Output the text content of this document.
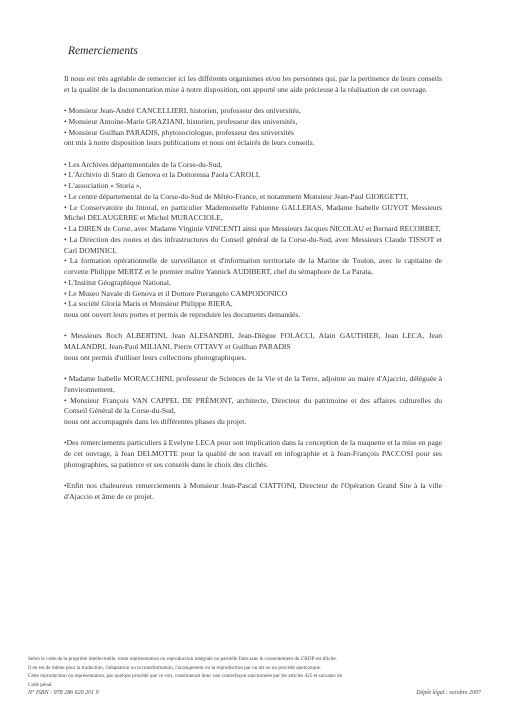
Remerciements

Il nous est très agréable de remercier ici les différents organismes et/ou les personnes qui, par la pertinence de leurs conseils et la qualité de la documentation mise à notre disposition, ont apporté une aide précieuse à la réalisation de cet ouvrage.

• Monsieur Jean-André CANCELLIERI, historien, professeur des universités,
• Monsieur Antoine-Marie GRAZIANI, historien, professeur des universités,
• Monsieur Guilhan PARADIS, phytosociologue, professeur des universités
ont mis à notre disposition leurs publications et nous ont éclairés de leurs conseils.
• Les Archives départementales de la Corse-du-Sud,
• L'Archivio di Stato di Genova et la Dottoressa Paola CAROLI,
• L'association « Storia »,
• Le centre départemental de la Corse-du-Sud de Météo-France, et notamment Monsieur Jean-Paul GIORGETTI,
• Le Conservatoire du littoral, en particulier Mademoiselle Fabienne GALLERAS, Madame Isabelle GUYOT Messieurs Michel DELAUGERRE et Michel MURACCIOLE,
• La DIREN de Corse, avec Madame Virginie VINCENTI ainsi que Messieurs Jacques NICOLAU et Bernard RECORBET,
• La Direction des routes et des infrastructures du Conseil général de la Corse-du-Sud, avec Messieurs Claude TISSOT et Carl DOMINICI,
• La formation opérationnelle de surveillance et d'information territoriale de la Marine de Toulon, avec le capitaine de corvette Philippe MERTZ et le premier maître Yannick AUDIBERT, chef du sémaphore de La Parata,
• L'Institut Géographique National,
• Le Museo Navale di Genova et il Dottore Pierangelo CAMPODONICO
• La société Gloria Maris et Monsieur Philippe RIERA,
nous ont ouvert leurs portes et permis de reproduire les documents demandés.
• Messieurs Roch ALBERTINI, Jean ALESANDRI, Jean-Diègue FOLACCI, Alain GAUTHIER, Jean LECA, Jean MALANDRI, Jean-Paul MILIANI, Pierre OTTAVY et Guilhan PARADIS
nous ont permis d'utiliser leurs collections photographiques.
• Madame Isabelle MORACCHINI, professeur de Sciences de la Vie et de la Terre, adjointe au maire d'Ajaccio, déléguée à l'environnement,
• Monsieur François VAN CAPPEL DE PRÉMONT, architecte, Directeur du patrimoine et des affaires culturelles du Conseil Général de la Corse-du-Sud,
nous ont accompagnés dans les différentes phases du projet.
•Des remerciements particuliers à Evelyne LECA pour son implication dans la conception de la maquette et la mise en page de cet ouvrage, à Jean DELMOTTE pour la qualité de son travail en infographie et à Jean-François PACCOSI pour ses photographies, sa patience et ses conseils dans le choix des clichés.
•Enfin nos chaleureux remerciements à Monsieur Jean-Pascal CIATTONI, Directeur de l'Opération Grand Site à la ville d'Ajaccio et âme de ce projet.
Selon le code de la propriété intellectuelle, toute représentation ou reproduction intégrale ou partielle faite sans le consentement du CRDP est illicite.
Il en est de même pour la traduction, l'adaptation ou la transformation, l'arrangement ou la reproduction par un art ou un procédé quelconque.
Cette reproduction ou représentation, par quelque procédé que ce soit, constituerait donc une contrefaçon sanctionnée par les articles 425 et suivants du
Code pénal.
N° ISBN : 978 286 620 201 9	Dépôt légal : octobre 2007
